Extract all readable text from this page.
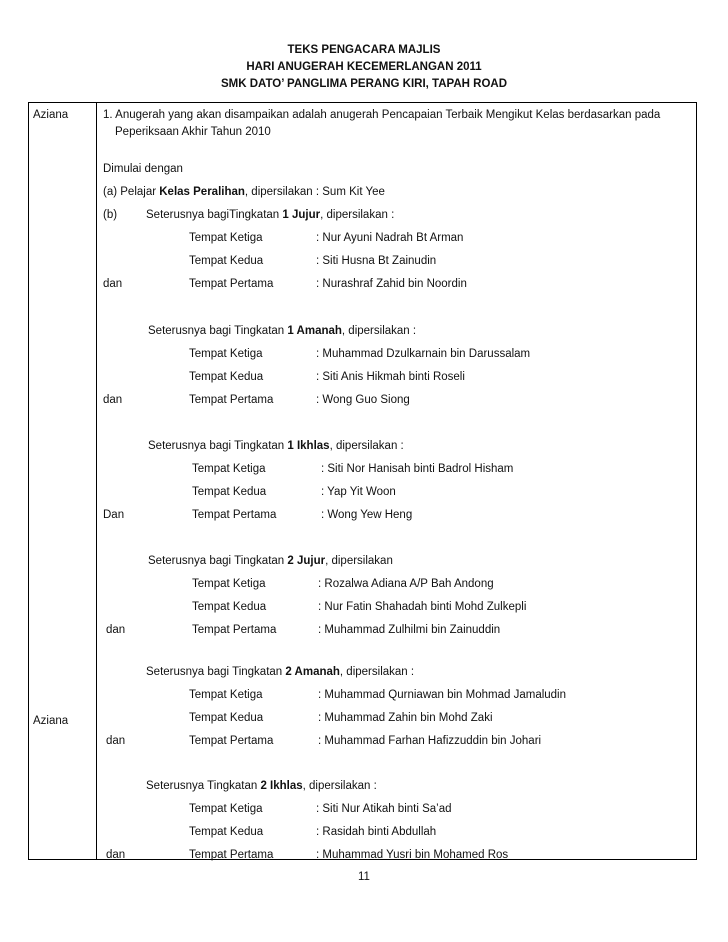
TEKS PENGACARA MAJLIS
HARI ANUGERAH KECEMERLANGAN 2011
SMK DATO’ PANGLIMA PERANG KIRI, TAPAH ROAD
Aziana
Aziana
1. Anugerah yang akan disampaikan adalah anugerah Pencapaian Terbaik Mengikut Kelas berdasarkan pada
Peperiksaan Akhir Tahun 2010
Dimulai dengan
(a) Pelajar Kelas Peralihan, dipersilakan : Sum Kit Yee
(b)	Seterusnya bagiTingkatan 1 Jujur, dipersilakan :
Tempat Ketiga	: Nur Ayuni Nadrah Bt Arman
Tempat Kedua	: Siti Husna Bt Zainudin
Tempat Pertama	: Nurashraf Zahid bin Noordin
dan
Seterusnya bagi Tingkatan 1 Amanah, dipersilakan :
Tempat Ketiga	: Muhammad Dzulkarnain bin Darussalam
Tempat Kedua	: Siti Anis Hikmah binti Roseli
Tempat Pertama	: Wong Guo Siong
dan
Seterusnya bagi Tingkatan 1 Ikhlas, dipersilakan :
Tempat Ketiga	: Siti Nor Hanisah binti Badrol Hisham
Tempat Kedua	: Yap Yit Woon
Tempat Pertama	: Wong Yew Heng
Dan
Seterusnya bagi Tingkatan 2 Jujur, dipersilakan
Tempat Ketiga	: Rozalwa Adiana A/P Bah Andong
Tempat Kedua	: Nur Fatin Shahadah binti Mohd Zulkepli
Tempat Pertama	: Muhammad Zulhilmi bin Zainuddin
dan
Seterusnya bagi Tingkatan 2 Amanah, dipersilakan :
Tempat Ketiga	: Muhammad Qurniawan bin Mohmad Jamaludin
Tempat Kedua	: Muhammad Zahin bin Mohd Zaki
Tempat Pertama	: Muhammad Farhan Hafizzuddin bin Johari
dan
Seterusnya Tingkatan 2 Ikhlas, dipersilakan :
Tempat Ketiga	: Siti Nur Atikah binti Sa’ad
Tempat Kedua	: Rasidah binti Abdullah
Tempat Pertama	: Muhammad Yusri bin Mohamed Ros
dan
11
